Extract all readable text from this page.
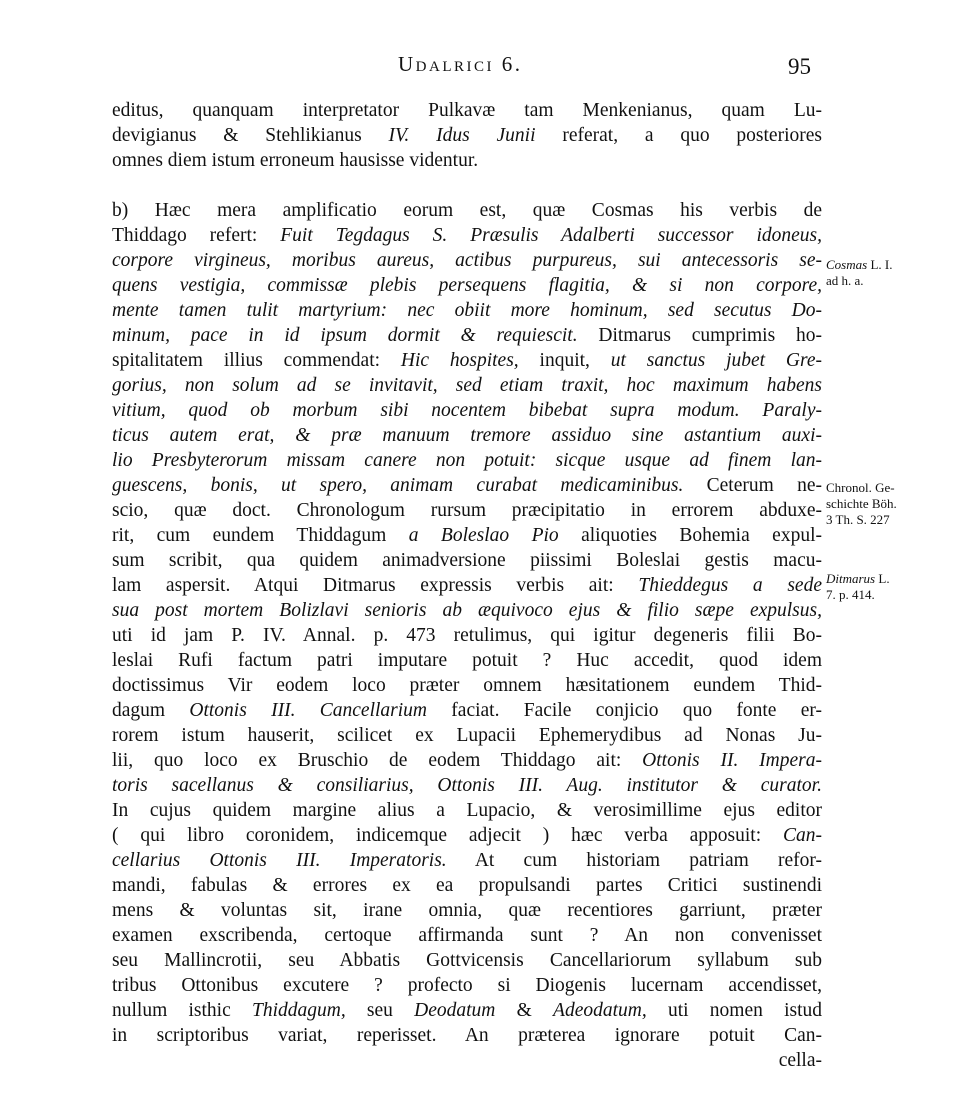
Udalrici 6.	95
editus, quanquam interpretator Pulkavæ tam Menkenianus, quam Lu-
devigianus & Stehlikianus IV. Idus Junii referat, a quo posteriores
omnes diem istum erroneum hausisse videntur.
b) Hæc mera amplificatio eorum est, quæ Cosmas his verbis de
Thiddago refert: Fuit Tegdagus S. Præsulis Adalberti successor idoneus,
corpore virgineus, moribus aureus, actibus purpureus, sui antecessoris se-
quens vestigia, commissæ plebis persequens flagitia, & si non corpore,
mente tamen tulit martyrium: nec obiit more hominum, sed secutus Do-
minum, pace in id ipsum dormit & requiescit. Ditmarus cumprimis ho-
spitalitatem illius commendat: Hic hospites, inquit, ut sanctus jubet Gre-
gorius, non solum ad se invitavit, sed etiam traxit, hoc maximum habens
vitium, quod ob morbum sibi nocentem bibebat supra modum. Paraly-
ticus autem erat, & præ manuum tremore assiduo sine astantium auxi-
lio Presbyterorum missam canere non potuit: sicque usque ad finem lan-
guescens, bonis, ut spero, animam curabat medicaminibus. Ceterum ne-
scio, quæ doct. Chronologum rursum præcipitatio in errorem abduxe-
rit, cum eundem Thiddagum a Boleslao Pio aliquoties Bohemia expul-
sum scribit, qua quidem animadversione piissimi Boleslai gestis macu-
lam aspersit. Atqui Ditmarus expressis verbis ait: Thieddegus a sede
sua post mortem Bolizlavi senioris ab æquivoco ejus & filio sæpe expulsus,
uti id jam P. IV. Annal. p. 473 retulimus, qui igitur degeneris filii Bo-
leslai Rufi factum patri imputare potuit ? Huc accedit, quod idem
doctissimus Vir eodem loco præter omnem hæsitationem eundem Thid-
dagum Ottonis III. Cancellarium faciat. Facile conjicio quo fonte er-
rorem istum hauserit, scilicet ex Lupacii Ephemerydibus ad Nonas Ju-
lii, quo loco ex Bruschio de eodem Thiddago ait: Ottonis II. Impera-
toris sacellanus & consiliarius, Ottonis III. Aug. institutor & curator.
In cujus quidem margine alius a Lupacio, & verosimillime ejus editor
( qui libro coronidem, indicemque adjecit ) hæc verba apposuit: Can-
cellarius Ottonis III. Imperatoris. At cum historiam patriam refor-
mandi, fabulas & errores ex ea propulsandi partes Critici sustinendi
mens & voluntas sit, irane omnia, quæ recentiores garriunt, præter
examen exscribenda, certoque affirmanda sunt ? An non convenisset
seu Mallincrotii, seu Abbatis Gottvicensis Cancellariorum syllabum sub
tribus Ottonibus excutere ? profecto si Diogenis lucernam accendisset,
nullum isthic Thiddagum, seu Deodatum & Adeodatum, uti nomen istud
in scriptoribus variat, reperisset. An præterea ignorare potuit Can-
cella-
Cosmas L. I.
ad h. a.
Chronol. Ge-
schichte Böh.
3 Th. S. 227
Ditmarus L.
7. p. 414.
